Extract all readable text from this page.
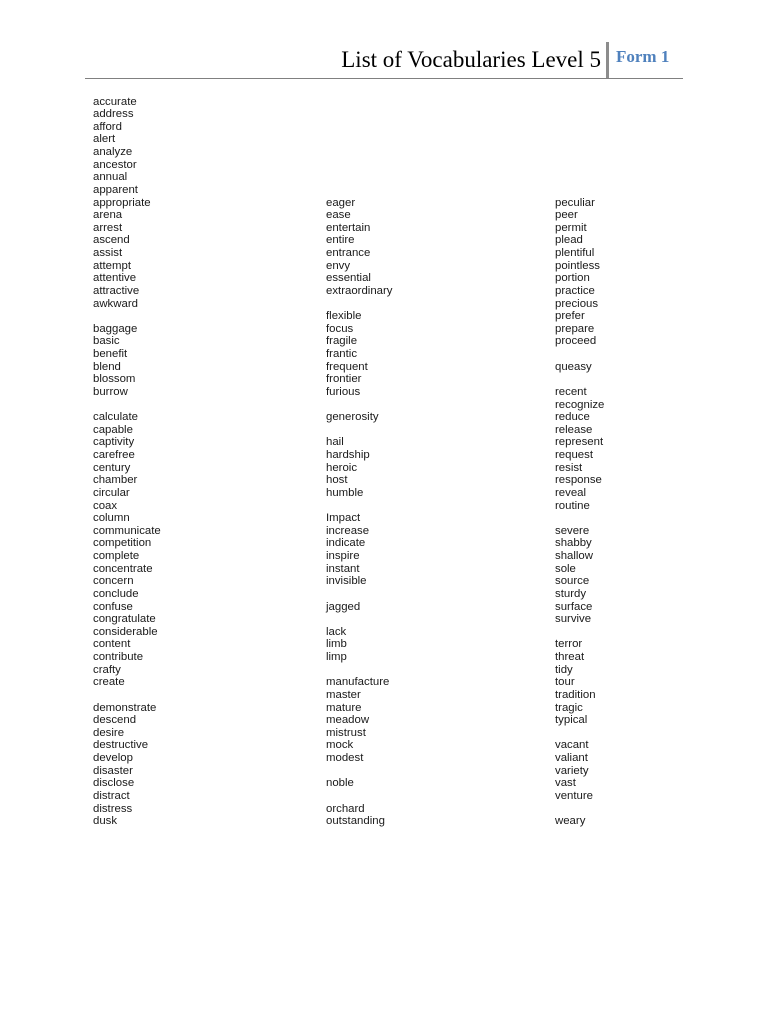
List of Vocabularies Level 5 Form 1
accurate
address
afford
alert
analyze
ancestor
annual
apparent
appropriate
arena
arrest
ascend
assist
attempt
attentive
attractive
awkward
baggage
basic
benefit
blend
blossom
burrow
calculate
capable
captivity
carefree
century
chamber
circular
coax
column
communicate
competition
complete
concentrate
concern
conclude
confuse
congratulate
considerable
content
contribute
crafty
create
demonstrate
descend
desire
destructive
develop
disaster
disclose
distract
distress
dusk
eager
ease
entertain
entire
entrance
envy
essential
extraordinary
flexible
focus
fragile
frantic
frequent
frontier
furious
generosity
hail
hardship
heroic
host
humble
Impact
increase
indicate
inspire
instant
invisible
jagged
lack
limb
limp
manufacture
master
mature
meadow
mistrust
mock
modest
noble
orchard
outstanding
peculiar
peer
permit
plead
plentiful
pointless
portion
practice
precious
prefer
prepare
proceed
queasy
recent
recognize
reduce
release
represent
request
resist
response
reveal
routine
severe
shabby
shallow
sole
source
sturdy
surface
survive
terror
threat
tidy
tour
tradition
tragic
typical
vacant
valiant
variety
vast
venture
weary
